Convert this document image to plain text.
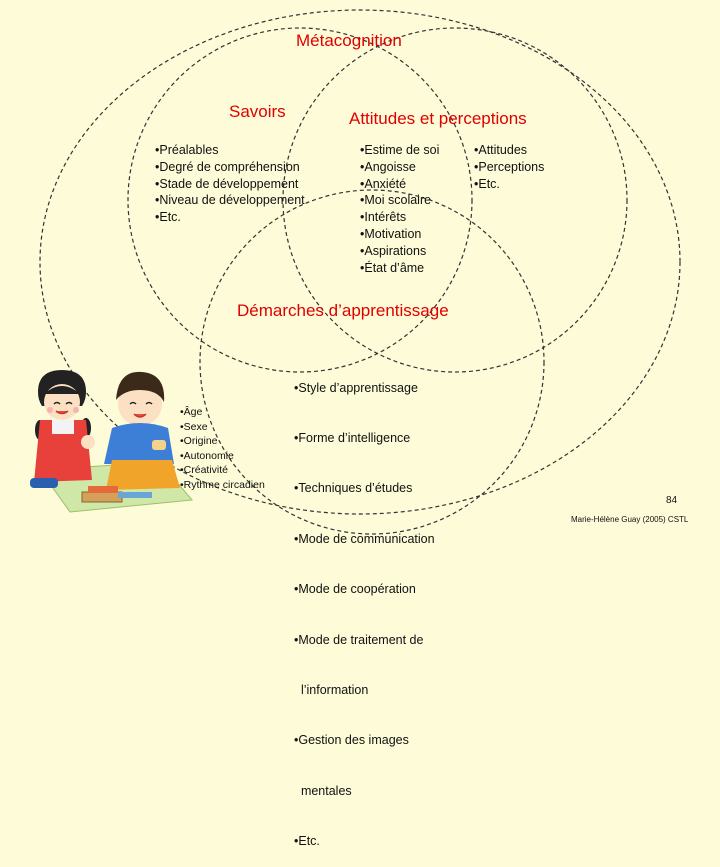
Métacognition
Savoirs
•Préalables
•Degré de compréhension
•Stade de développement
•Niveau de développement
•Etc.
Attitudes et perceptions
•Estime de soi
•Angoisse
•Anxiété
•Moi scolaire
•Intérêts
•Motivation
•Aspirations
•État d’âme
•Attitudes
•Perceptions
•Etc.
Démarches d’apprentissage

•Style d’apprentissage

•Forme d’intelligence

•Techniques d’études

•Mode de communication

•Mode de coopération

•Mode de traitement de

l’information

•Gestion des images

mentales

•Etc.

•Âge
•Sexe
•Origine
•Autonomie
•Créativité
•Rythme circadien
84
Marie-Hélène Guay (2005) CSTL
